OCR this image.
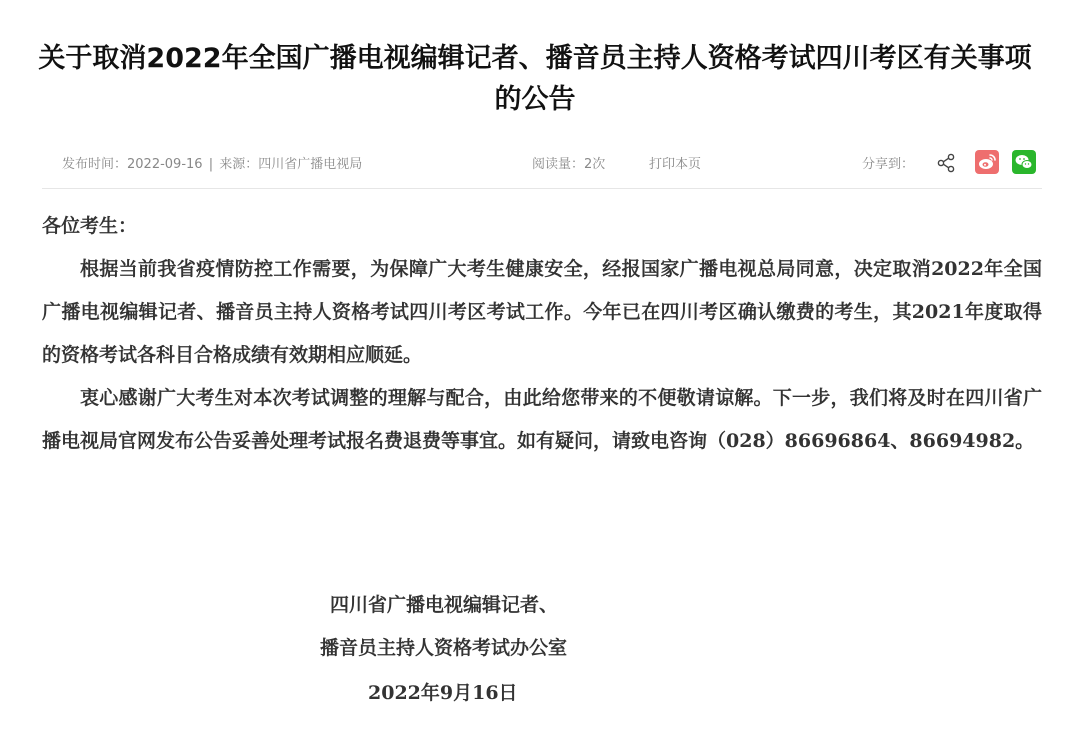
关于取消2022年全国广播电视编辑记者、播音员主持人资格考试四川考区有关事项的公告
发布时间：2022-09-16 | 来源：四川省广播电视局	阅读量：2次	打印本页	分享到：

各位考生：

根据当前我省疫情防控工作需要，为保障广大考生健康安全，经报国家广播电视总局同意，决定取消2022年全国广播电视编辑记者、播音员主持人资格考试四川考区考试工作。今年已在四川考区确认缴费的考生，其2021年度取得的资格考试各科目合格成绩有效期相应顺延。

衷心感谢广大考生对本次考试调整的理解与配合，由此给您带来的不便敬请谅解。下一步，我们将及时在四川省广播电视局官网发布公告妥善处理考试报名费退费等事宜。如有疑问，请致电咨询（028）86696864、86694982。

四川省广播电视编辑记者、
播音员主持人资格考试办公室
2022年9月16日
